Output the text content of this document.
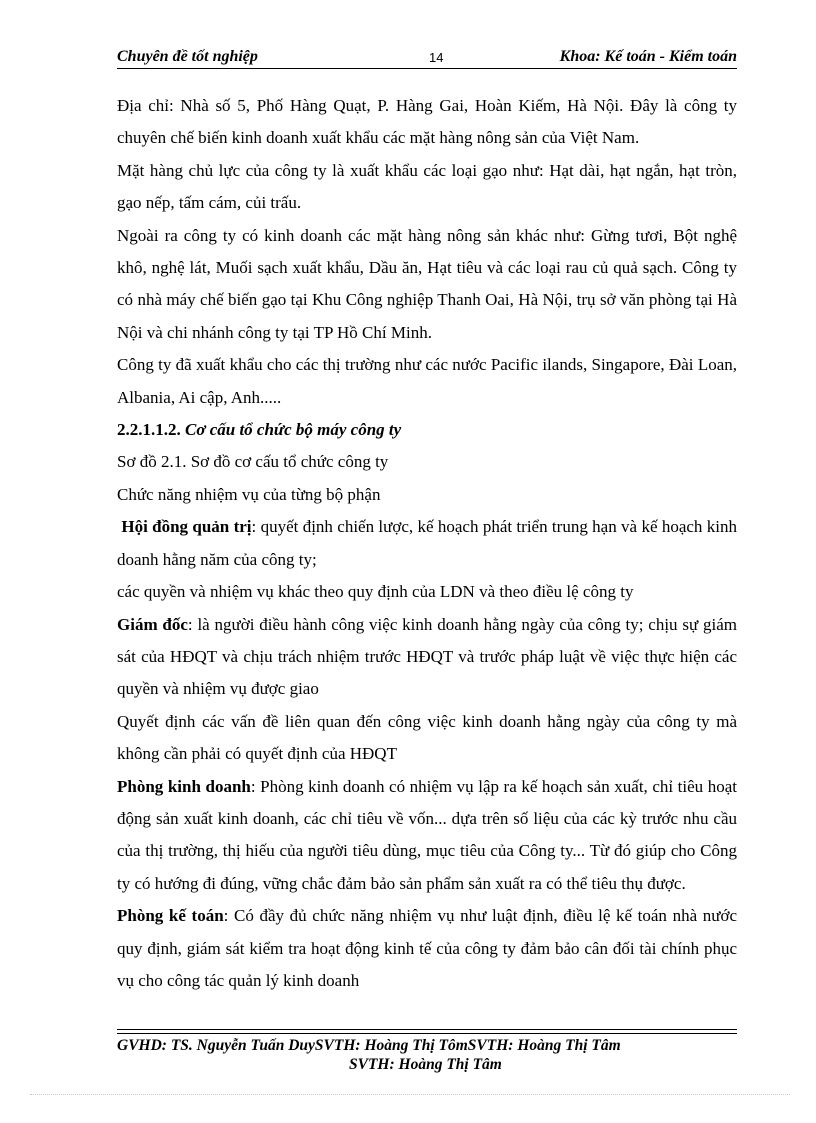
Chuyên đề tốt nghiệp	14	Khoa: Kế toán - Kiểm toán

Địa chỉ: Nhà số 5, Phố Hàng Quạt, P. Hàng Gai, Hoàn Kiếm, Hà Nội. Đây là công ty chuyên chế biến kinh doanh xuất khẩu các mặt hàng nông sản của Việt Nam.

Mặt hàng chủ lực của công ty là xuất khẩu các loại gạo như: Hạt dài, hạt ngắn, hạt tròn, gạo nếp, tấm cám, củi trấu.

Ngoài ra công ty có kinh doanh các mặt hàng nông sản khác như: Gừng tươi, Bột nghệ khô, nghệ lát, Muối sạch xuất khẩu, Dầu ăn, Hạt tiêu và các loại rau củ quả sạch. Công ty có nhà máy chế biến gạo tại Khu Công nghiệp Thanh Oai, Hà Nội, trụ sở văn phòng tại Hà Nội và chi nhánh công ty tại TP Hồ Chí Minh.

Công ty đã xuất khẩu cho các thị trường như các nước Pacific ilands, Singapore, Đài Loan, Albania, Ai cập, Anh.....

2.2.1.1.2. Cơ cấu tổ chức bộ máy công ty

Sơ đồ 2.1. Sơ đồ cơ cấu tổ chức công ty

Chức năng nhiệm vụ của từng bộ phận

Hội đồng quản trị: quyết định chiến lược, kế hoạch phát triển trung hạn và kế hoạch kinh doanh hằng năm của công ty;

các quyền và nhiệm vụ khác theo quy định của LDN và theo điều lệ công ty

Giám đốc: là người điều hành công việc kinh doanh hằng ngày của công ty; chịu sự giám sát của HĐQT và chịu trách nhiệm trước HĐQT và trước pháp luật về việc thực hiện các quyền và nhiệm vụ được giao

Quyết định các vấn đề liên quan đến công việc kinh doanh hằng ngày của công ty mà không cần phải có quyết định của HĐQT

Phòng kinh doanh: Phòng kinh doanh có nhiệm vụ lập ra kế hoạch sản xuất, chỉ tiêu hoạt động sản xuất kinh doanh, các chỉ tiêu về vốn... dựa trên số liệu của các kỳ trước nhu cầu của thị trường, thị hiếu của người tiêu dùng, mục tiêu của Công ty... Từ đó giúp cho Công ty có hướng đi đúng, vững chắc đảm bảo sản phẩm sản xuất ra có thể tiêu thụ được.

Phòng kế toán: Có đầy đủ chức năng nhiệm vụ như luật định, điều lệ kế toán nhà nước quy định, giám sát kiểm tra hoạt động kinh tế của công ty đảm bảo cân đối tài chính phục vụ cho công tác quản lý kinh doanh

GVHD: TS. Nguyễn Tuấn DuySVTH: Hoàng Thị TômSVTH: Hoàng Thị Tâm
SVTH: Hoàng Thị Tâm
